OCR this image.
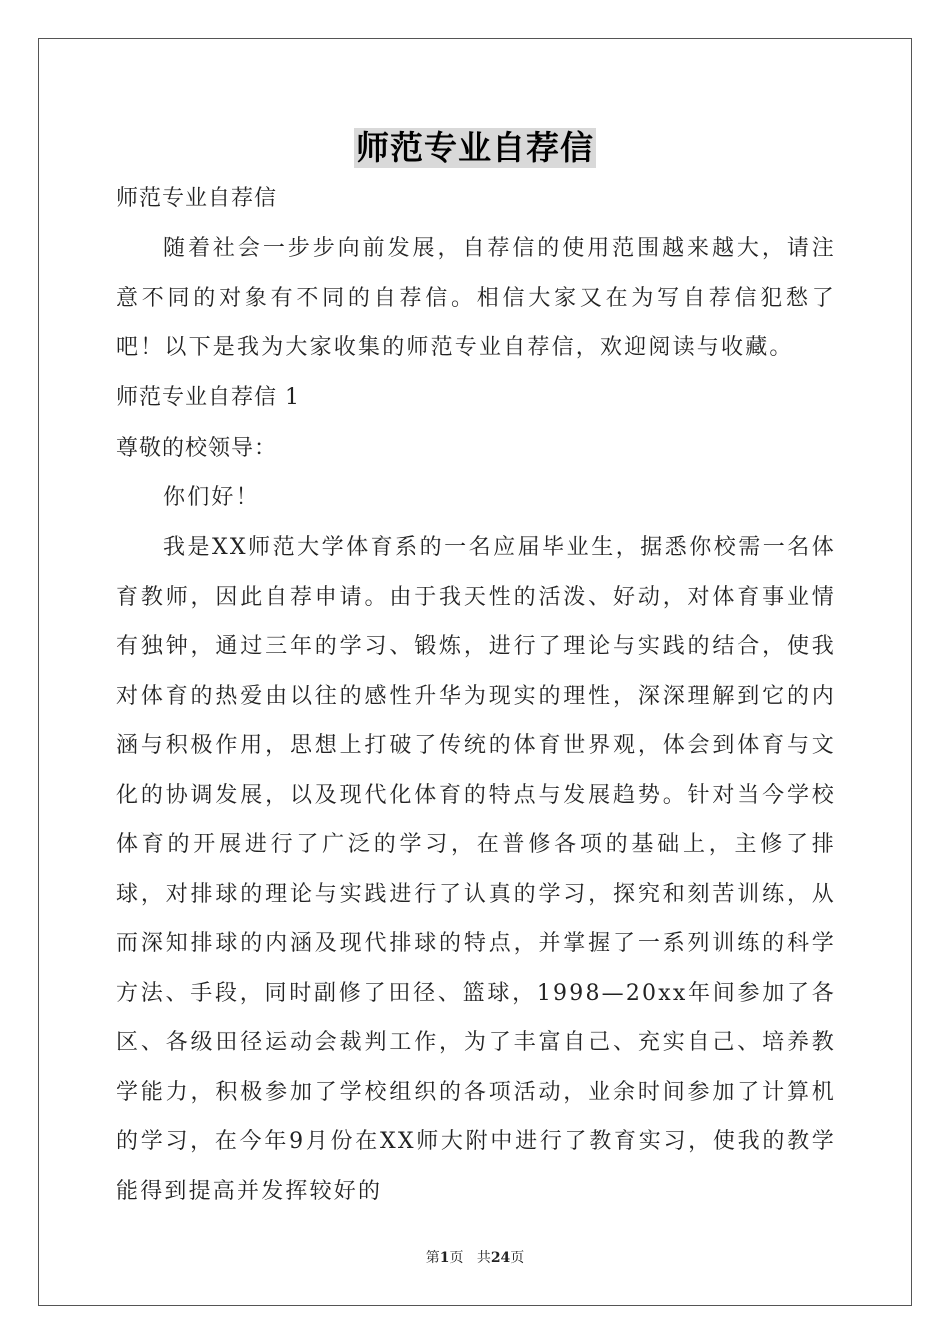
师范专业自荐信
师范专业自荐信
随着社会一步步向前发展，自荐信的使用范围越来越大，请注意不同的对象有不同的自荐信。相信大家又在为写自荐信犯愁了吧！以下是我为大家收集的师范专业自荐信，欢迎阅读与收藏。
师范专业自荐信 1
尊敬的校领导：
你们好！
我是XX师范大学体育系的一名应届毕业生，据悉你校需一名体育教师，因此自荐申请。由于我天性的活泼、好动，对体育事业情有独钟，通过三年的学习、锻炼，进行了理论与实践的结合，使我对体育的热爱由以往的感性升华为现实的理性，深深理解到它的内涵与积极作用，思想上打破了传统的体育世界观，体会到体育与文化的协调发展，以及现代化体育的特点与发展趋势。针对当今学校体育的开展进行了广泛的学习，在普修各项的基础上，主修了排球，对排球的理论与实践进行了认真的学习，探究和刻苦训练，从而深知排球的内涵及现代排球的特点，并掌握了一系列训练的科学方法、手段，同时副修了田径、篮球，1998—20xx年间参加了各区、各级田径运动会裁判工作，为了丰富自己、充实自己、培养教学能力，积极参加了学校组织的各项活动，业余时间参加了计算机的学习，在今年9月份在XX师大附中进行了教育实习，使我的教学能得到提高并发挥较好的
第1页 共24页
